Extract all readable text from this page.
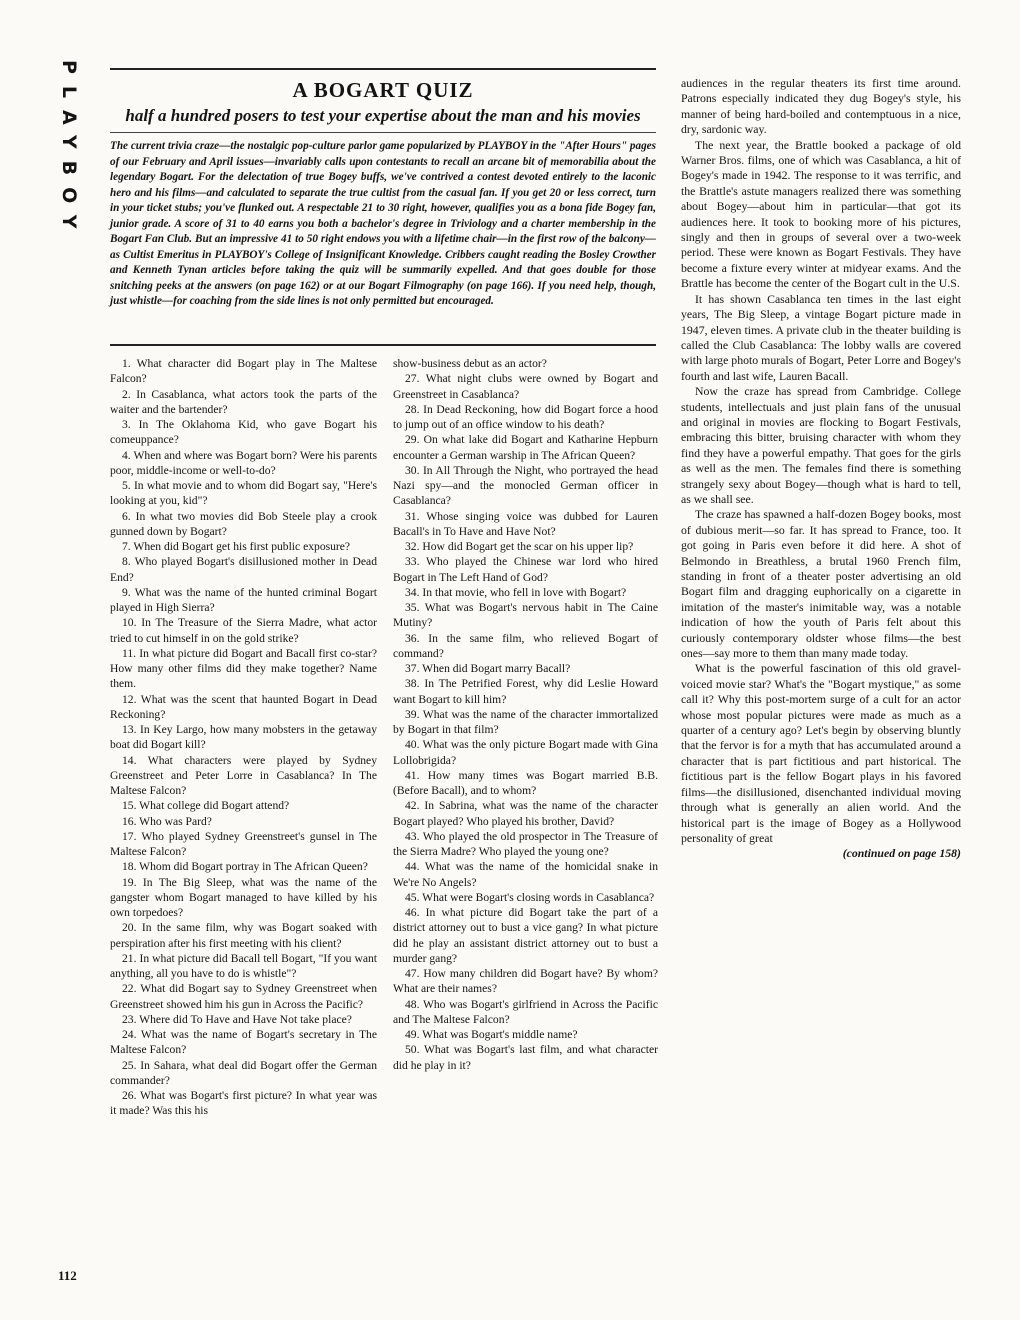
PLAYBOY
112
A BOGART QUIZ
half a hundred posers to test your expertise about the man and his movies

The current trivia craze—the nostalgic pop-culture parlor game popularized by PLAYBOY in the "After Hours" pages of our February and April issues—invariably calls upon contestants to recall an arcane bit of memorabilia about the legendary Bogart. For the delectation of true Bogey buffs, we've contrived a contest devoted entirely to the laconic hero and his films—and calculated to separate the true cultist from the casual fan. If you get 20 or less correct, turn in your ticket stubs; you've flunked out. A respectable 21 to 30 right, however, qualifies you as a bona fide Bogey fan, junior grade. A score of 31 to 40 earns you both a bachelor's degree in Triviology and a charter membership in the Bogart Fan Club. But an impressive 41 to 50 right endows you with a lifetime chair—in the first row of the balcony—as Cultist Emeritus in PLAYBOY's College of Insignificant Knowledge. Cribbers caught reading the Bosley Crowther and Kenneth Tynan articles before taking the quiz will be summarily expelled. And that goes double for those snitching peeks at the answers (on page 162) or at our Bogart Filmography (on page 166). If you need help, though, just whistle—for coaching from the side lines is not only permitted but encouraged.

1. What character did Bogart play in The Maltese Falcon?

2. In Casablanca, what actors took the parts of the waiter and the bartender?

3. In The Oklahoma Kid, who gave Bogart his comeuppance?

4. When and where was Bogart born? Were his parents poor, middle-income or well-to-do?

5. In what movie and to whom did Bogart say, "Here's looking at you, kid"?

6. In what two movies did Bob Steele play a crook gunned down by Bogart?

7. When did Bogart get his first public exposure?

8. Who played Bogart's disillusioned mother in Dead End?

9. What was the name of the hunted criminal Bogart played in High Sierra?

10. In The Treasure of the Sierra Madre, what actor tried to cut himself in on the gold strike?

11. In what picture did Bogart and Bacall first co-star? How many other films did they make together? Name them.

12. What was the scent that haunted Bogart in Dead Reckoning?

13. In Key Largo, how many mobsters in the getaway boat did Bogart kill?

14. What characters were played by Sydney Greenstreet and Peter Lorre in Casablanca? In The Maltese Falcon?

15. What college did Bogart attend?

16. Who was Pard?

17. Who played Sydney Greenstreet's gunsel in The Maltese Falcon?

18. Whom did Bogart portray in The African Queen?

19. In The Big Sleep, what was the name of the gangster whom Bogart managed to have killed by his own torpedoes?

20. In the same film, why was Bogart soaked with perspiration after his first meeting with his client?

21. In what picture did Bacall tell Bogart, "If you want anything, all you have to do is whistle"?

22. What did Bogart say to Sydney Greenstreet when Greenstreet showed him his gun in Across the Pacific?

23. Where did To Have and Have Not take place?

24. What was the name of Bogart's secretary in The Maltese Falcon?

25. In Sahara, what deal did Bogart offer the German commander?

26. What was Bogart's first picture? In what year was it made? Was this his

show-business debut as an actor?

27. What night clubs were owned by Bogart and Greenstreet in Casablanca?

28. In Dead Reckoning, how did Bogart force a hood to jump out of an office window to his death?

29. On what lake did Bogart and Katharine Hepburn encounter a German warship in The African Queen?

30. In All Through the Night, who portrayed the head Nazi spy—and the monocled German officer in Casablanca?

31. Whose singing voice was dubbed for Lauren Bacall's in To Have and Have Not?

32. How did Bogart get the scar on his upper lip?

33. Who played the Chinese war lord who hired Bogart in The Left Hand of God?

34. In that movie, who fell in love with Bogart?

35. What was Bogart's nervous habit in The Caine Mutiny?

36. In the same film, who relieved Bogart of command?

37. When did Bogart marry Bacall?

38. In The Petrified Forest, why did Leslie Howard want Bogart to kill him?

39. What was the name of the character immortalized by Bogart in that film?

40. What was the only picture Bogart made with Gina Lollobrigida?

41. How many times was Bogart married B.B. (Before Bacall), and to whom?

42. In Sabrina, what was the name of the character Bogart played? Who played his brother, David?

43. Who played the old prospector in The Treasure of the Sierra Madre? Who played the young one?

44. What was the name of the homicidal snake in We're No Angels?

45. What were Bogart's closing words in Casablanca?

46. In what picture did Bogart take the part of a district attorney out to bust a vice gang? In what picture did he play an assistant district attorney out to bust a murder gang?

47. How many children did Bogart have? By whom? What are their names?

48. Who was Bogart's girlfriend in Across the Pacific and The Maltese Falcon?

49. What was Bogart's middle name?

50. What was Bogart's last film, and what character did he play in it?

audiences in the regular theaters its first time around. Patrons especially indicated they dug Bogey's style, his manner of being hard-boiled and contemptuous in a nice, dry, sardonic way.

The next year, the Brattle booked a package of old Warner Bros. films, one of which was Casablanca, a hit of Bogey's made in 1942. The response to it was terrific, and the Brattle's astute managers realized there was something about Bogey—about him in particular—that got its audiences here. It took to booking more of his pictures, singly and then in groups of several over a two-week period. These were known as Bogart Festivals. They have become a fixture every winter at midyear exams. And the Brattle has become the center of the Bogart cult in the U.S.

It has shown Casablanca ten times in the last eight years, The Big Sleep, a vintage Bogart picture made in 1947, eleven times. A private club in the theater building is called the Club Casablanca: The lobby walls are covered with large photo murals of Bogart, Peter Lorre and Bogey's fourth and last wife, Lauren Bacall.

Now the craze has spread from Cambridge. College students, intellectuals and just plain fans of the unusual and original in movies are flocking to Bogart Festivals, embracing this bitter, bruising character with whom they find they have a powerful empathy. That goes for the girls as well as the men. The females find there is something strangely sexy about Bogey—though what is hard to tell, as we shall see.

The craze has spawned a half-dozen Bogey books, most of dubious merit—so far. It has spread to France, too. It got going in Paris even before it did here. A shot of Belmondo in Breathless, a brutal 1960 French film, standing in front of a theater poster advertising an old Bogart film and dragging euphorically on a cigarette in imitation of the master's inimitable way, was a notable indication of how the youth of Paris felt about this curiously contemporary oldster whose films—the best ones—say more to them than many made today.

What is the powerful fascination of this old gravel-voiced movie star? What's the "Bogart mystique," as some call it? Why this post-mortem surge of a cult for an actor whose most popular pictures were made as much as a quarter of a century ago? Let's begin by observing bluntly that the fervor is for a myth that has accumulated around a character that is part fictitious and part historical. The fictitious part is the fellow Bogart plays in his favored films—the disillusioned, disenchanted individual moving through what is generally an alien world. And the historical part is the image of Bogey as a Hollywood personality of great

(continued on page 158)
